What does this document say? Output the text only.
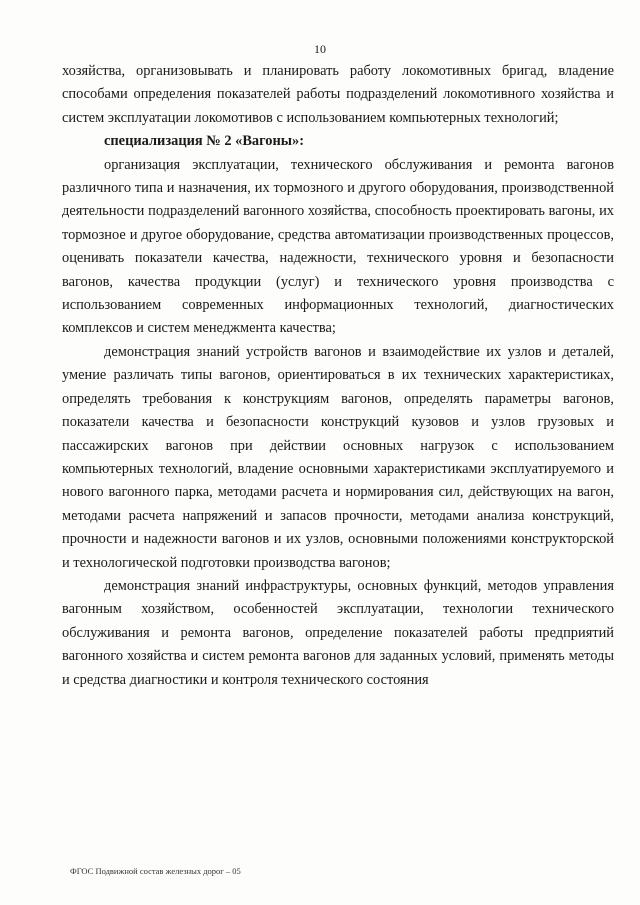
10

хозяйства, организовывать и планировать работу локомотивных бригад, владение способами определения показателей работы подразделений локомотивного хозяйства и систем эксплуатации локомотивов с использованием компьютерных технологий;

специализация № 2 «Вагоны»:

организация эксплуатации, технического обслуживания и ремонта вагонов различного типа и назначения, их тормозного и другого оборудования, производственной деятельности подразделений вагонного хозяйства, способность проектировать вагоны, их тормозное и другое оборудование, средства автоматизации производственных процессов, оценивать показатели качества, надежности, технического уровня и безопасности вагонов, качества продукции (услуг) и технического уровня производства с использованием современных информационных технологий, диагностических комплексов и систем менеджмента качества;

демонстрация знаний устройств вагонов и взаимодействие их узлов и деталей, умение различать типы вагонов, ориентироваться в их технических характеристиках, определять требования к конструкциям вагонов, определять параметры вагонов, показатели качества и безопасности конструкций кузовов и узлов грузовых и пассажирских вагонов при действии основных нагрузок с использованием компьютерных технологий, владение основными характеристиками эксплуатируемого и нового вагонного парка, методами расчета и нормирования сил, действующих на вагон, методами расчета напряжений и запасов прочности, методами анализа конструкций, прочности и надежности вагонов и их узлов, основными положениями конструкторской и технологической подготовки производства вагонов;

демонстрация знаний инфраструктуры, основных функций, методов управления вагонным хозяйством, особенностей эксплуатации, технологии технического обслуживания и ремонта вагонов, определение показателей работы предприятий вагонного хозяйства и систем ремонта вагонов для заданных условий, применять методы и средства диагностики и контроля технического состояния

ФГОС Подвижной состав железных дорог – 05
